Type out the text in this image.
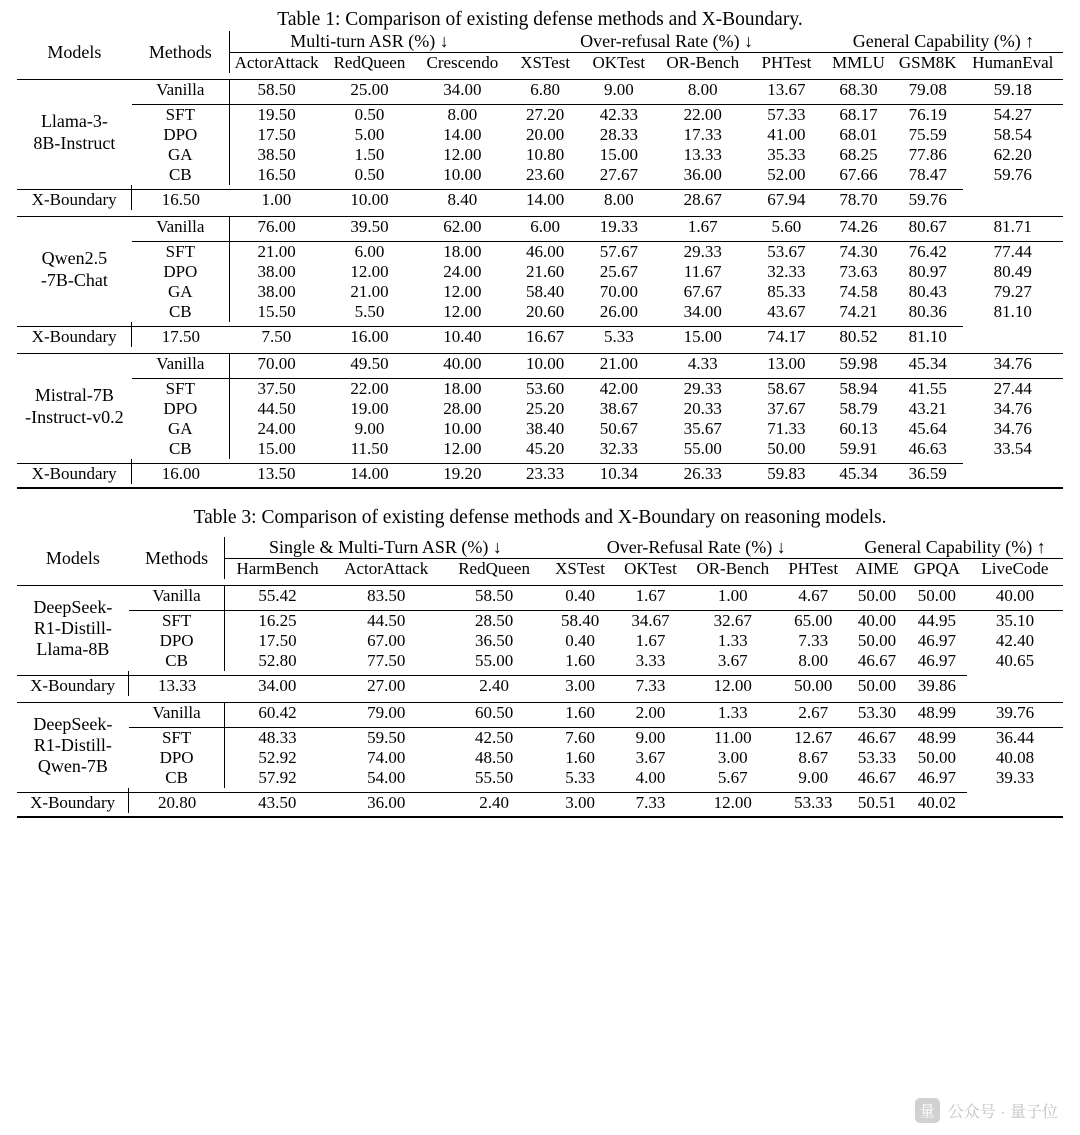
Table 1: Comparison of existing defense methods and X-Boundary.
Models	Methods	Multi-turn ASR (%) ↓			Over-refusal Rate (%) ↓				General Capability (%) ↑		
		ActorAttack	RedQueen	Crescendo	XSTest	OKTest	OR-Bench	PHTest	MMLU	GSM8K	HumanEval

Llama-3-
8B-Instruct	Vanilla	58.50	25.00	34.00	6.80	9.00	8.00	13.67	68.30	79.08	59.18

	SFT	19.50	0.50	8.00	27.20	42.33	22.00	57.33	68.17	76.19	54.27
	DPO	17.50	5.00	14.00	20.00	28.33	17.33	41.00	68.01	75.59	58.54
	GA	38.50	1.50	12.00	10.80	15.00	13.33	35.33	68.25	77.86	62.20
	CB	16.50	0.50	10.00	23.60	27.67	36.00	52.00	67.66	78.47	59.76

X-Boundary	16.50	1.00	10.00	8.40	14.00	8.00	28.67	67.94	78.70	59.76	

Qwen2.5
-7B-Chat	Vanilla	76.00	39.50	62.00	6.00	19.33	1.67	5.60	74.26	80.67	81.71

	SFT	21.00	6.00	18.00	46.00	57.67	29.33	53.67	74.30	76.42	77.44
	DPO	38.00	12.00	24.00	21.60	25.67	11.67	32.33	73.63	80.97	80.49
	GA	38.00	21.00	12.00	58.40	70.00	67.67	85.33	74.58	80.43	79.27
	CB	15.50	5.50	12.00	20.60	26.00	34.00	43.67	74.21	80.36	81.10

X-Boundary	17.50	7.50	16.00	10.40	16.67	5.33	15.00	74.17	80.52	81.10	

Mistral-7B
-Instruct-v0.2	Vanilla	70.00	49.50	40.00	10.00	21.00	4.33	13.00	59.98	45.34	34.76

	SFT	37.50	22.00	18.00	53.60	42.00	29.33	58.67	58.94	41.55	27.44
	DPO	44.50	19.00	28.00	25.20	38.67	20.33	37.67	58.79	43.21	34.76
	GA	24.00	9.00	10.00	38.40	50.67	35.67	71.33	60.13	45.64	34.76
	CB	15.00	11.50	12.00	45.20	32.33	55.00	50.00	59.91	46.63	33.54

X-Boundary	16.00	13.50	14.00	19.20	23.33	10.34	26.33	59.83	45.34	36.59	

Table 3: Comparison of existing defense methods and X-Boundary on reasoning models.
Models	Methods	Single & Multi-Turn ASR (%) ↓			Over-Refusal Rate (%) ↓				General Capability (%) ↑		
		HarmBench	ActorAttack	RedQueen	XSTest	OKTest	OR-Bench	PHTest	AIME	GPQA	LiveCode

DeepSeek-
R1-Distill-
Llama-8B	Vanilla	55.42	83.50	58.50	0.40	1.67	1.00	4.67	50.00	50.00	40.00

	SFT	16.25	44.50	28.50	58.40	34.67	32.67	65.00	40.00	44.95	35.10
	DPO	17.50	67.00	36.50	0.40	1.67	1.33	7.33	50.00	46.97	42.40
	CB	52.80	77.50	55.00	1.60	3.33	3.67	8.00	46.67	46.97	40.65

X-Boundary	13.33	34.00	27.00	2.40	3.00	7.33	12.00	50.00	50.00	39.86	

DeepSeek-
R1-Distill-
Qwen-7B	Vanilla	60.42	79.00	60.50	1.60	2.00	1.33	2.67	53.30	48.99	39.76

	SFT	48.33	59.50	42.50	7.60	9.00	11.00	12.67	46.67	48.99	36.44
	DPO	52.92	74.00	48.50	1.60	3.67	3.00	8.67	53.33	50.00	40.08
	CB	57.92	54.00	55.50	5.33	4.00	5.67	9.00	46.67	46.97	39.33

X-Boundary	20.80	43.50	36.00	2.40	3.00	7.33	12.00	53.33	50.51	40.02	

量 公众号 · 量子位
